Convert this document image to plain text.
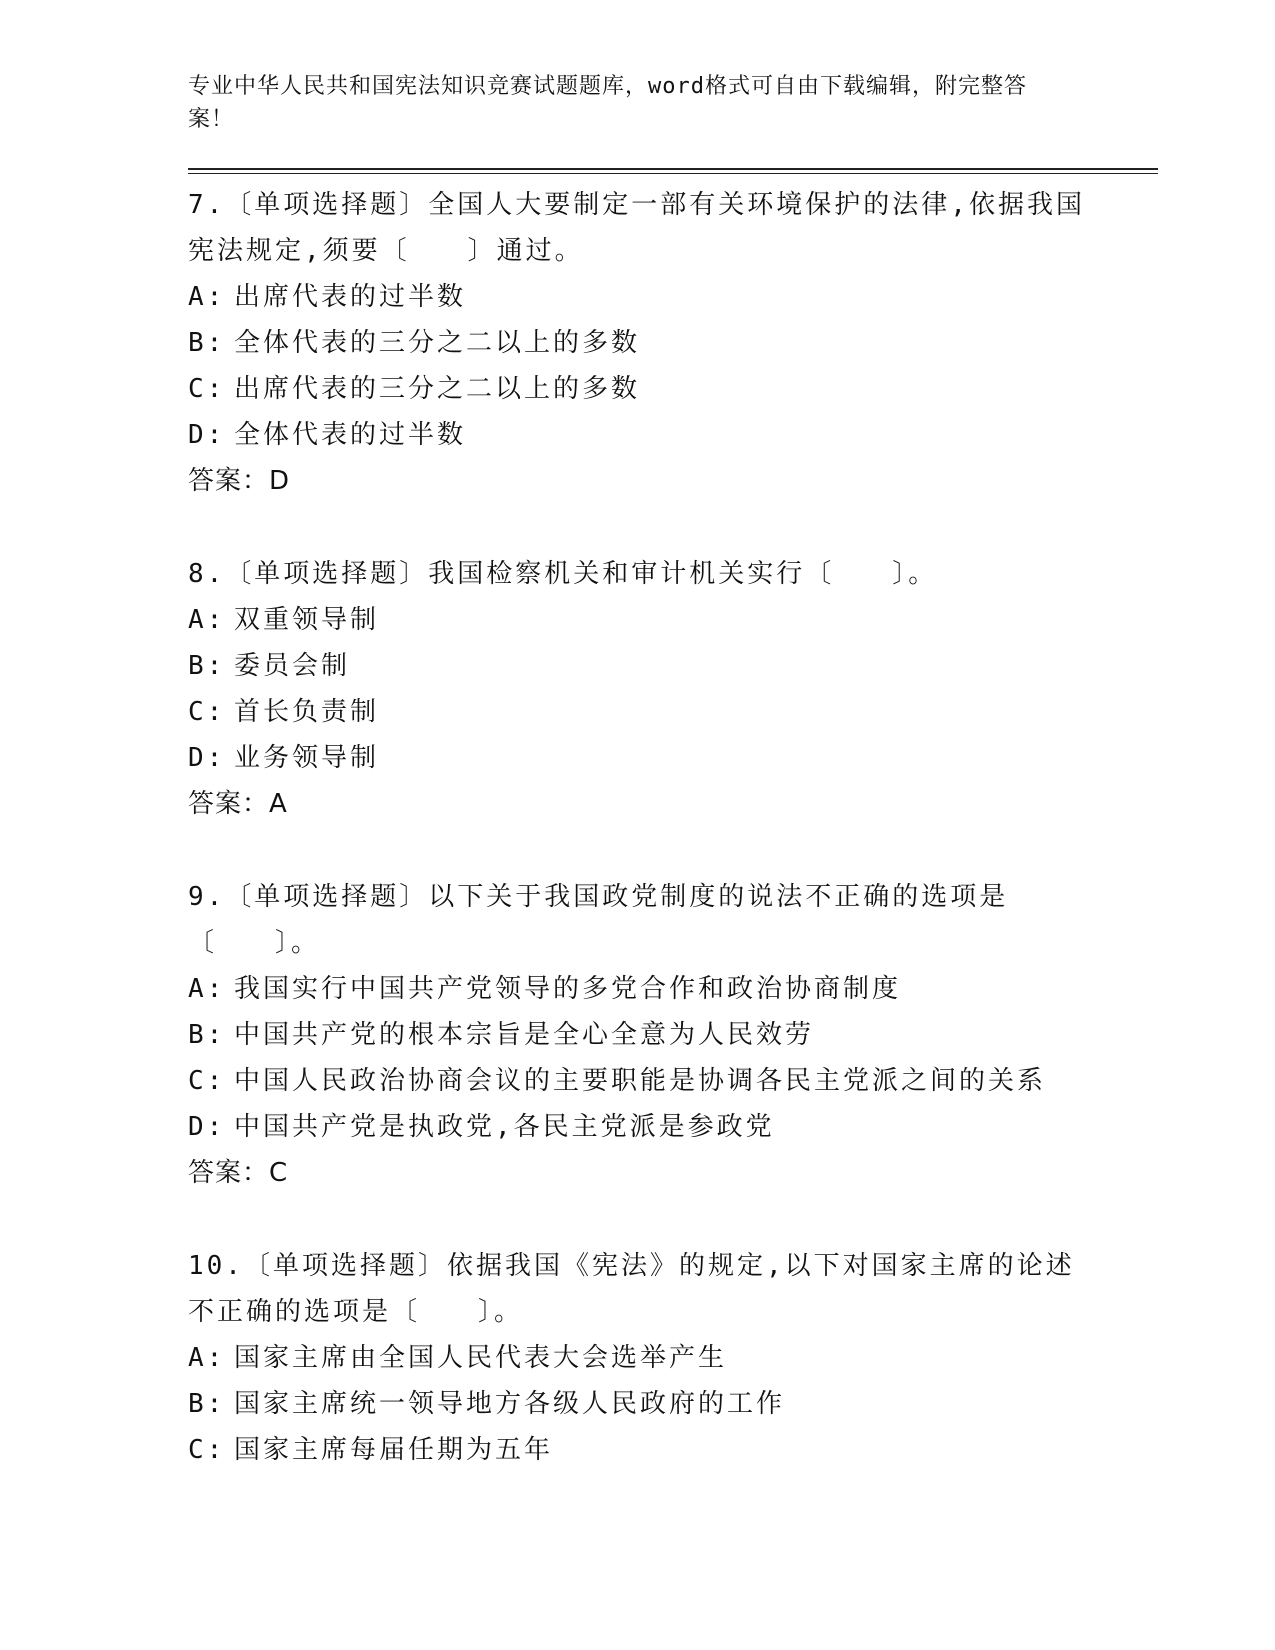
专业中华人民共和国宪法知识竞赛试题题库，word格式可自由下载编辑，附完整答案！

7.〔单项选择题〕全国人大要制定一部有关环境保护的法律,依据我国宪法规定,须要〔　　〕通过。

A: 出席代表的过半数

B: 全体代表的三分之二以上的多数

C: 出席代表的三分之二以上的多数

D: 全体代表的过半数

答案：D

8.〔单项选择题〕我国检察机关和审计机关实行〔　　〕。

A: 双重领导制

B: 委员会制

C: 首长负责制

D: 业务领导制

答案：A

9.〔单项选择题〕以下关于我国政党制度的说法不正确的选项是〔　　〕。

A: 我国实行中国共产党领导的多党合作和政治协商制度

B: 中国共产党的根本宗旨是全心全意为人民效劳

C: 中国人民政治协商会议的主要职能是协调各民主党派之间的关系

D: 中国共产党是执政党,各民主党派是参政党

答案：C

10.〔单项选择题〕依据我国《宪法》的规定,以下对国家主席的论述不正确的选项是〔　　〕。

A: 国家主席由全国人民代表大会选举产生

B: 国家主席统一领导地方各级人民政府的工作

C: 国家主席每届任期为五年
